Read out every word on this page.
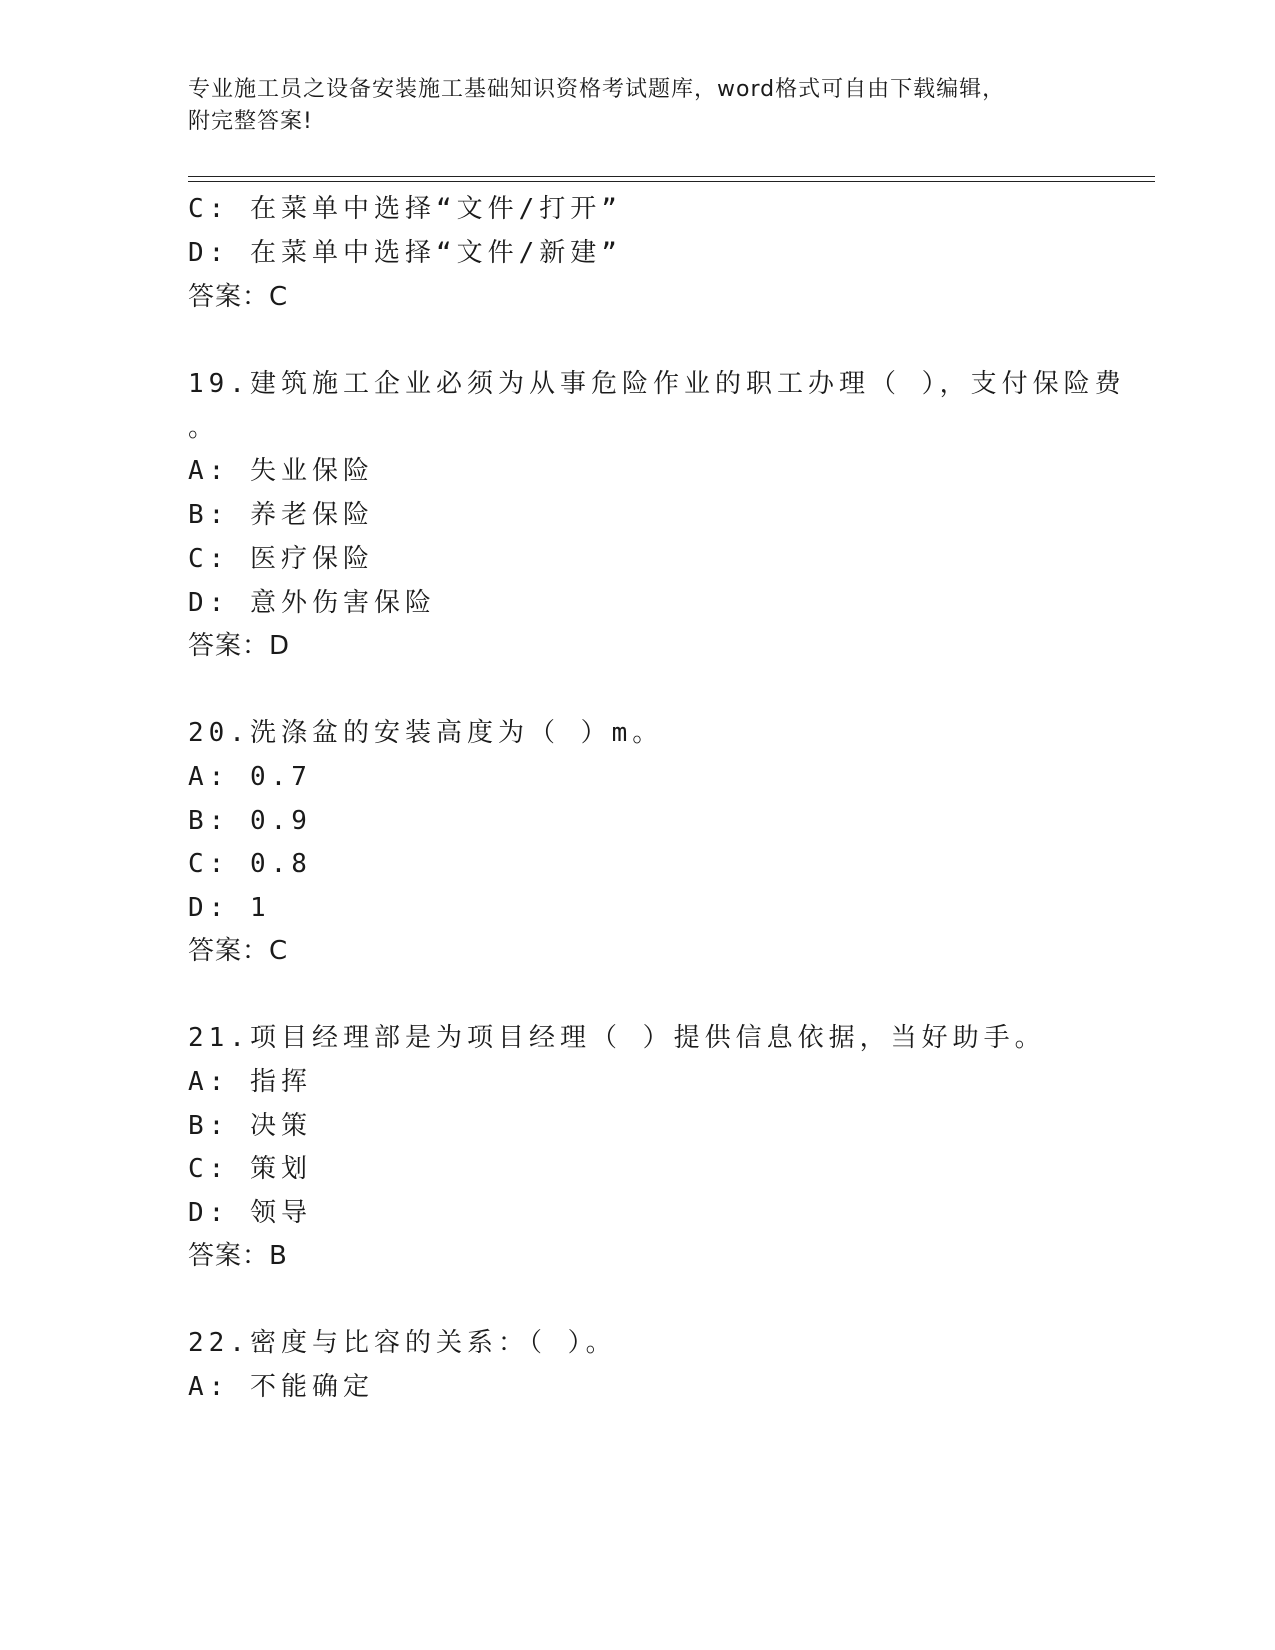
专业施工员之设备安装施工基础知识资格考试题库，word格式可自由下载编辑，
附完整答案!
C: 在菜单中选择“文件/打开”
D: 在菜单中选择“文件/新建”
答案：C
19.建筑施工企业必须为从事危险作业的职工办理（ ），支付保险费
。
A: 失业保险
B: 养老保险
C: 医疗保险
D: 意外伤害保险
答案：D
20.洗涤盆的安装高度为（ ）m。
A: 0.7
B: 0.9
C: 0.8
D: 1
答案：C
21.项目经理部是为项目经理（ ）提供信息依据，当好助手。
A: 指挥
B: 决策
C: 策划
D: 领导
答案：B
22.密度与比容的关系：（ ）。
A: 不能确定
